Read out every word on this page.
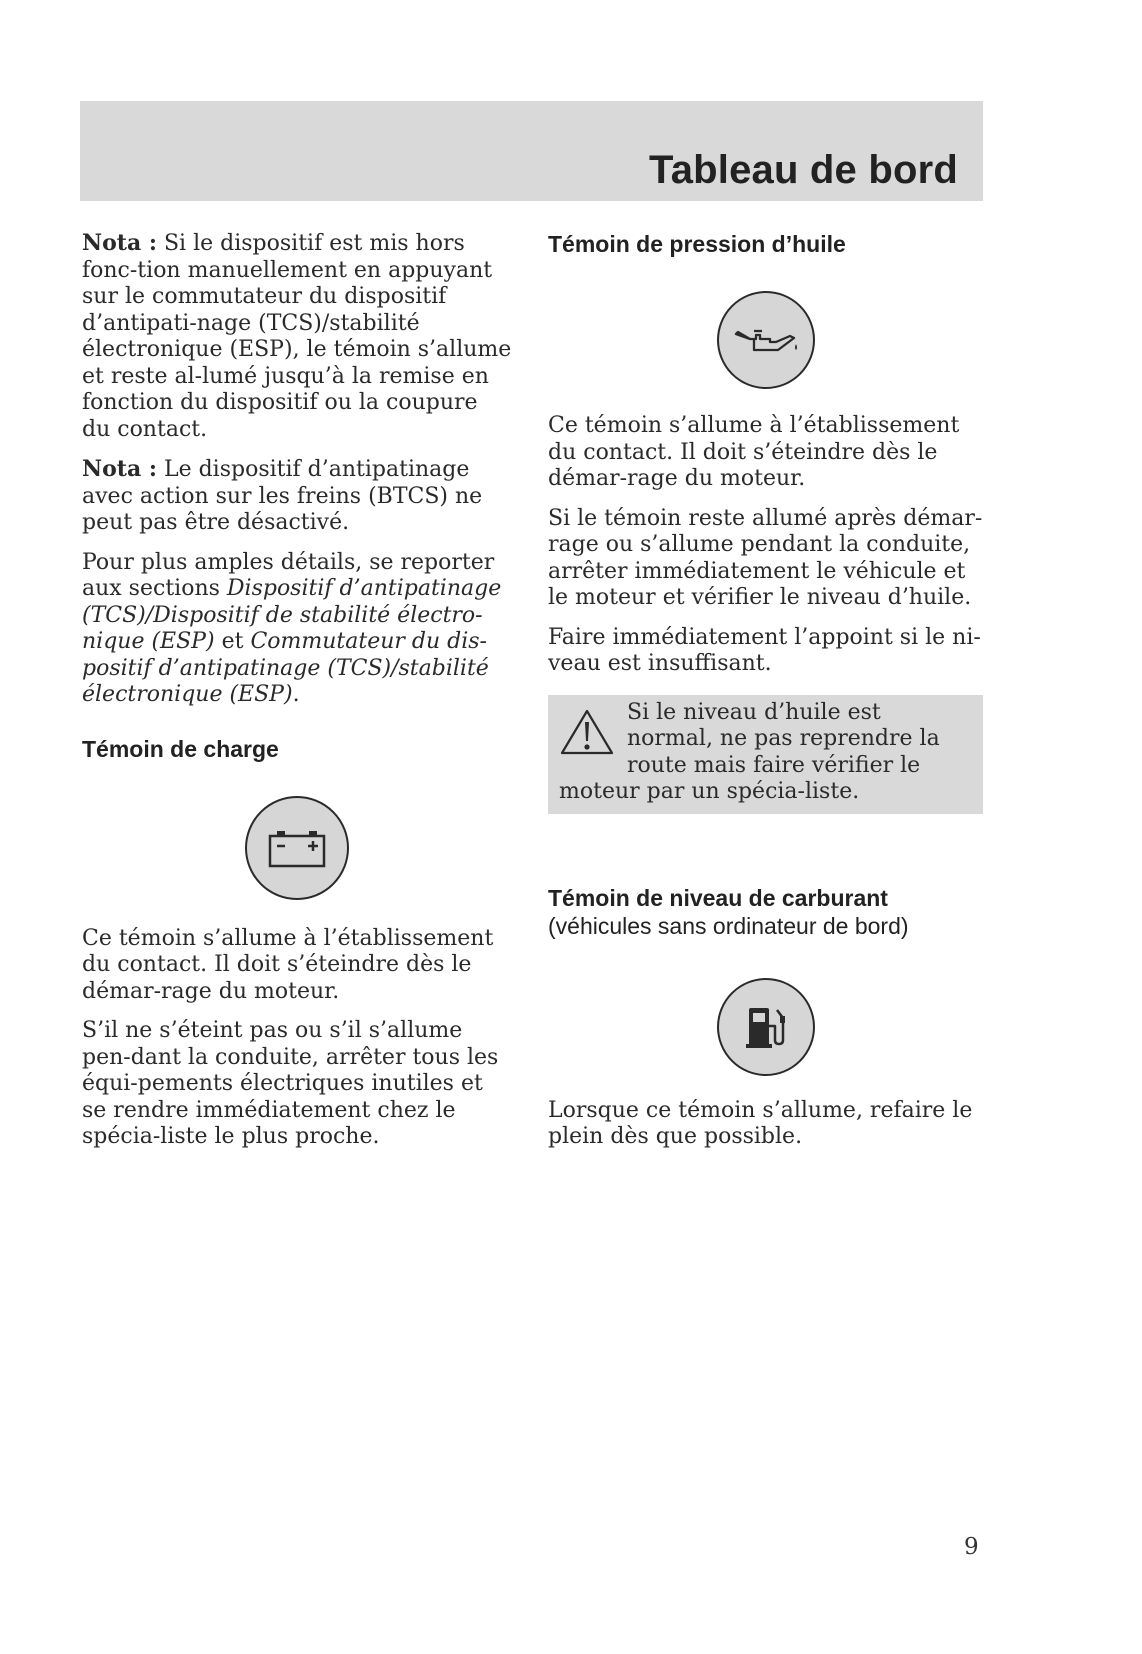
Tableau de bord

Nota : Si le dispositif est mis hors fonc-tion manuellement en appuyant sur le commutateur du dispositif d’antipati-nage (TCS)/stabilité électronique (ESP), le témoin s’allume et reste al-lumé jusqu’à la remise en fonction du dispositif ou la coupure du contact.

Nota : Le dispositif d’antipatinage avec action sur les freins (BTCS) ne peut pas être désactivé.

Pour plus amples détails, se reporter aux sections Dispositif d’antipatinage (TCS)/Dispositif de stabilité électro-nique (ESP) et Commutateur du dis-positif d’antipatinage (TCS)/stabilité électronique (ESP).

Témoin de charge

Ce témoin s’allume à l’établissement du contact. Il doit s’éteindre dès le démar-rage du moteur.

S’il ne s’éteint pas ou s’il s’allume pen-dant la conduite, arrêter tous les équi-pements électriques inutiles et se rendre immédiatement chez le spécia-liste le plus proche.

Témoin de pression d’huile

Ce témoin s’allume à l’établissement du contact. Il doit s’éteindre dès le démar-rage du moteur.

Si le témoin reste allumé après démar-rage ou s’allume pendant la conduite, arrêter immédiatement le véhicule et le moteur et vérifier le niveau d’huile.

Faire immédiatement l’appoint si le ni-veau est insuffisant.

Si le niveau d’huile est normal, ne pas reprendre la route mais faire vérifier le moteur par un spécia-liste.

Témoin de niveau de carburant
(véhicules sans ordinateur de bord)

Lorsque ce témoin s’allume, refaire le plein dès que possible.

9
